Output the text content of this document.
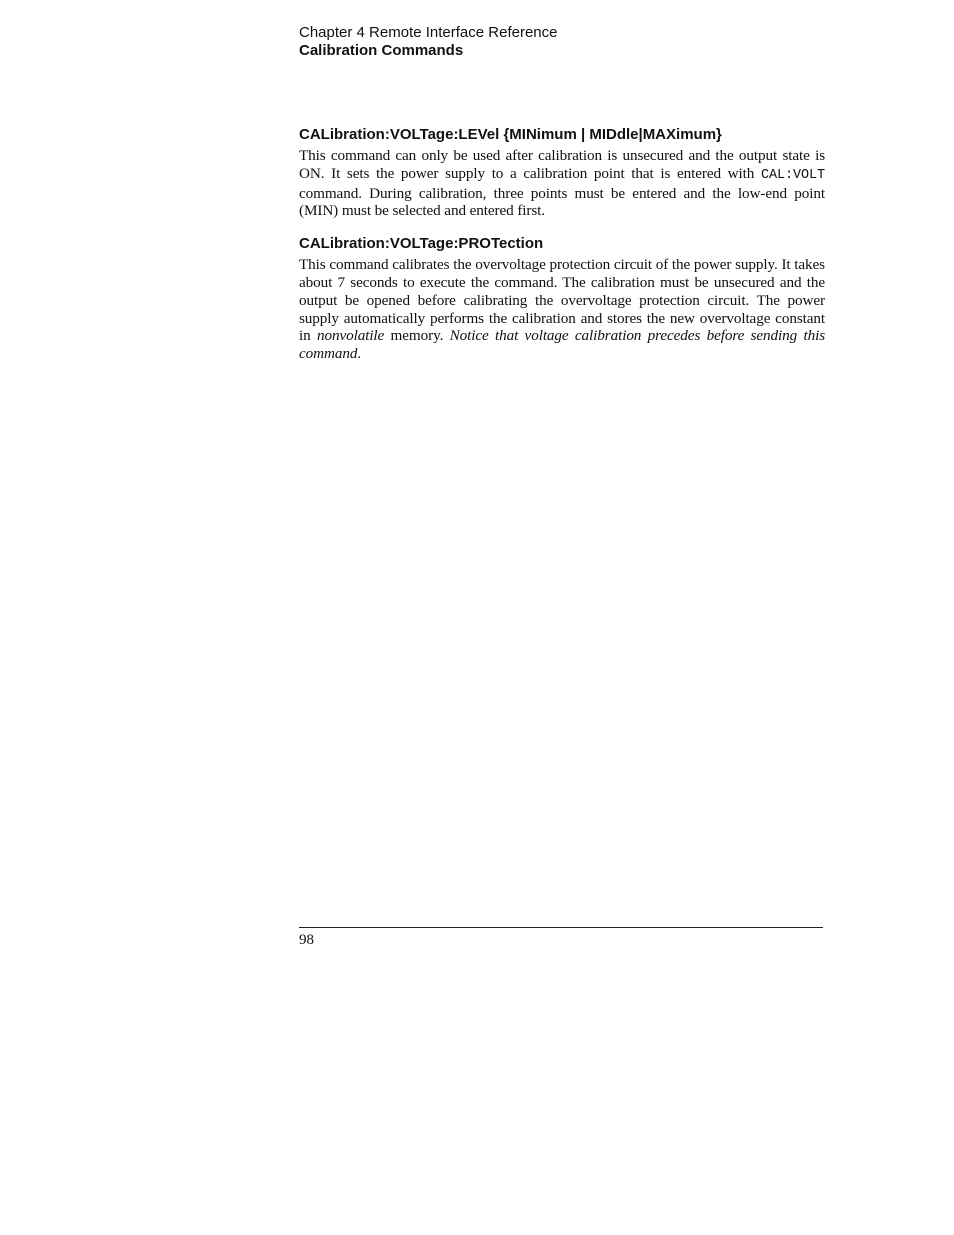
Chapter 4 Remote Interface Reference
Calibration Commands
CALibration:VOLTage:LEVel {MINimum | MIDdle|MAXimum}

This command can only be used after calibration is unsecured and the output state is ON. It sets the power supply to a calibration point that is entered with CAL:VOLT command. During calibration, three points must be entered and the low-end point (MIN) must be selected and entered first.

CALibration:VOLTage:PROTection

This command calibrates the overvoltage protection circuit of the power supply. It takes about 7 seconds to execute the command. The calibration must be unsecured and the output be opened before calibrating the overvoltage protection circuit. The power supply automatically performs the calibration and stores the new overvoltage constant in nonvolatile memory. Notice that voltage calibration precedes before sending this command.

98
